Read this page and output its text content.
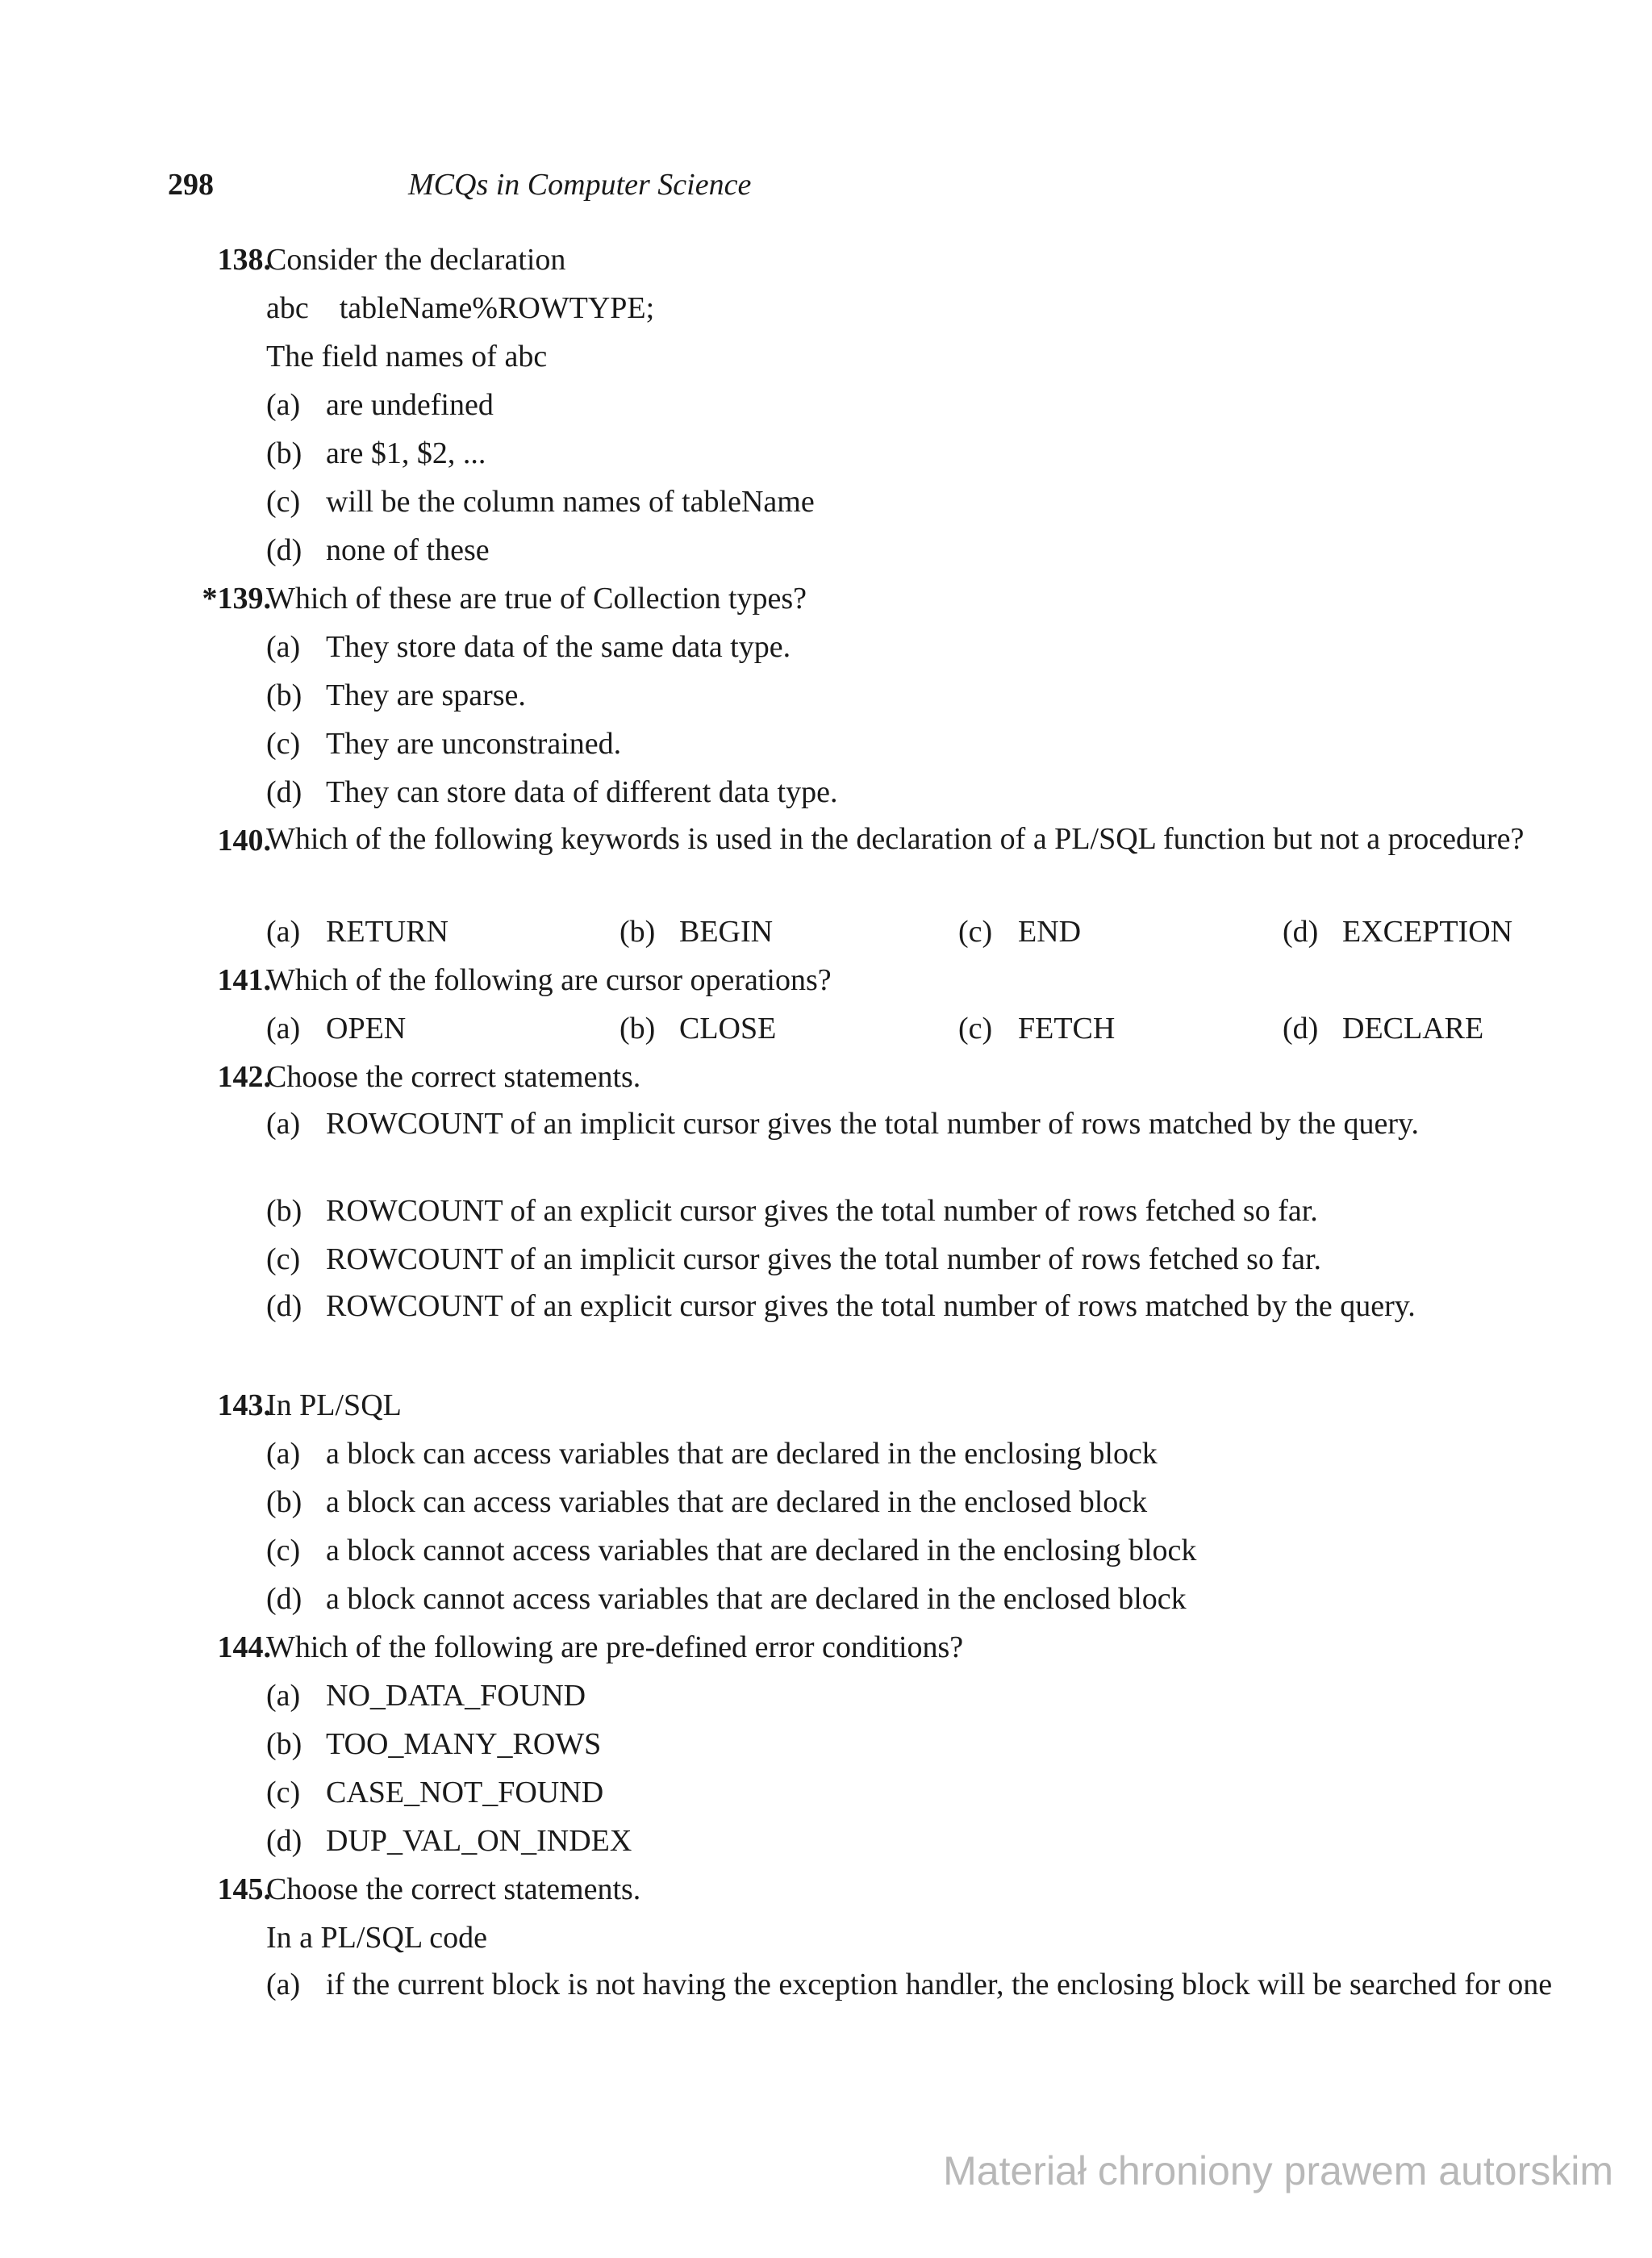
298	MCQs in Computer Science
138.
Consider the declaration
abc    tableName%ROWTYPE;
The field names of abc
(a) are undefined
(b) are $1, $2, ...
(c) will be the column names of tableName
(d) none of these
*139.
Which of these are true of Collection types?
(a) They store data of the same data type.
(b) They are sparse.
(c) They are unconstrained.
(d) They can store data of different data type.
140.
Which of the following keywords is used in the declaration of a PL/SQL function but not a procedure?
(a) RETURN	(b) BEGIN	(c) END	(d) EXCEPTION
141.
Which of the following are cursor operations?
(a) OPEN	(b) CLOSE	(c) FETCH	(d) DECLARE
142.
Choose the correct statements.
(a) ROWCOUNT of an implicit cursor gives the total number of rows matched by the query.
(b) ROWCOUNT of an explicit cursor gives the total number of rows fetched so far.
(c) ROWCOUNT of an implicit cursor gives the total number of rows fetched so far.
(d) ROWCOUNT of an explicit cursor gives the total number of rows matched by the query.
143.
In PL/SQL
(a) a block can access variables that are declared in the enclosing block
(b) a block can access variables that are declared in the enclosed block
(c) a block cannot access variables that are declared in the enclosing block
(d) a block cannot access variables that are declared in the enclosed block
144.
Which of the following are pre-defined error conditions?
(a) NO_DATA_FOUND
(b) TOO_MANY_ROWS
(c) CASE_NOT_FOUND
(d) DUP_VAL_ON_INDEX
145.
Choose the correct statements.
In a PL/SQL code
(a) if the current block is not having the exception handler, the enclosing block will be searched for one
Materiał chroniony prawem autorskim
